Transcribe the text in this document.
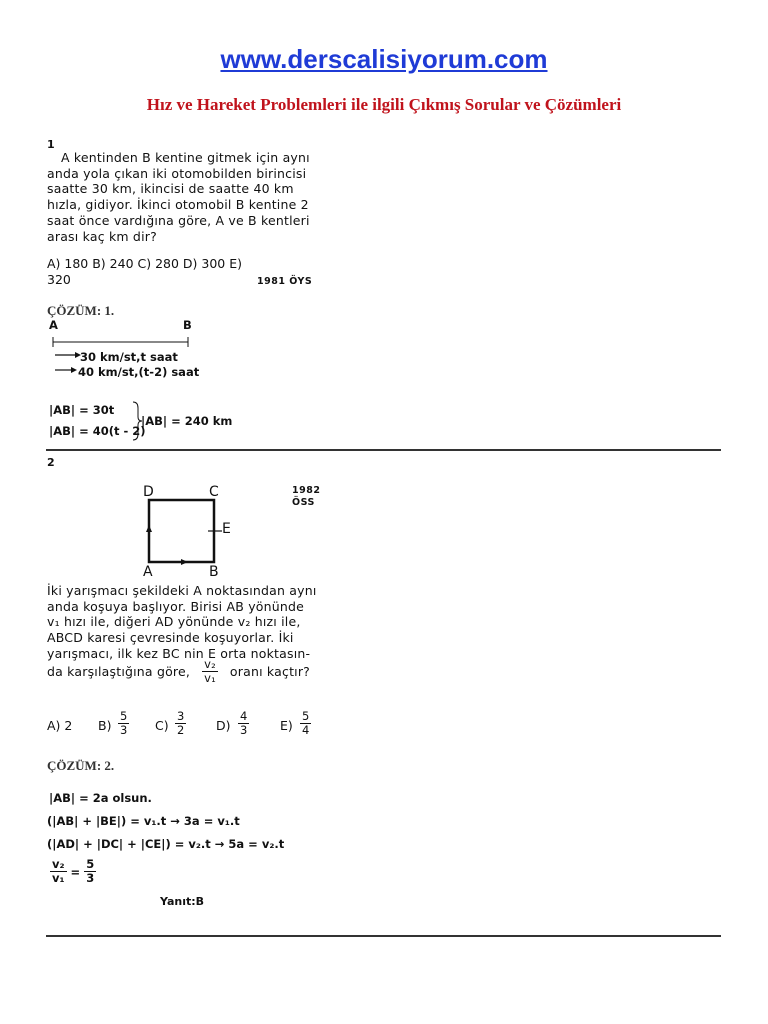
www.derscalisiyorum.com
Hız ve Hareket Problemleri ile ilgili Çıkmış Sorular ve Çözümleri
1
A kentinden B kentine gitmek için aynı
anda yola çıkan iki otomobilden birincisi
saatte 30 km, ikincisi de saatte 40 km
hızla, gidiyor. İkinci otomobil B kentine 2
saat önce vardığına göre, A ve B kentleri
arası kaç km dir?
A) 180 B) 240 C) 280 D) 300 E)
320	1981 ÖYS
ÇÖZÜM: 1.
A	B
30 km/st,t saat
40 km/st,(t-2) saat
|AB| = 30t
|AB| = 40(t - 2)
|AB| = 240 km
2
D	C
E
A	B
1982
ÖSS
İki yarışmacı şekildeki A noktasından aynı
anda koşuya başlıyor. Birisi AB yönünde
v₁ hızı ile, diğeri AD yönünde v₂ hızı ile,
ABCD karesi çevresinde koşuyorlar. İki
yarışmacı, ilk kez BC nin E orta noktasın-
da karşılaştığına göre, $\frac{\text{v₂}}{\text{v₁}}$ oranı kaçtır?
A) 2 $B) \frac{5}{3} C) \frac{3}{2} D) \frac{4}{3} E) \frac{5}{4}$
ÇÖZÜM: 2.
|AB| = 2a olsun.
(|AB| + |BE|) = v₁.t → 3a = v₁.t
(|AD| + |DC| + |CE|) = v₂.t → 5a = v₂.t
$\frac{\text{v₂}}{\text{v₁}} = \frac{5}{3}$
Yanıt:B
